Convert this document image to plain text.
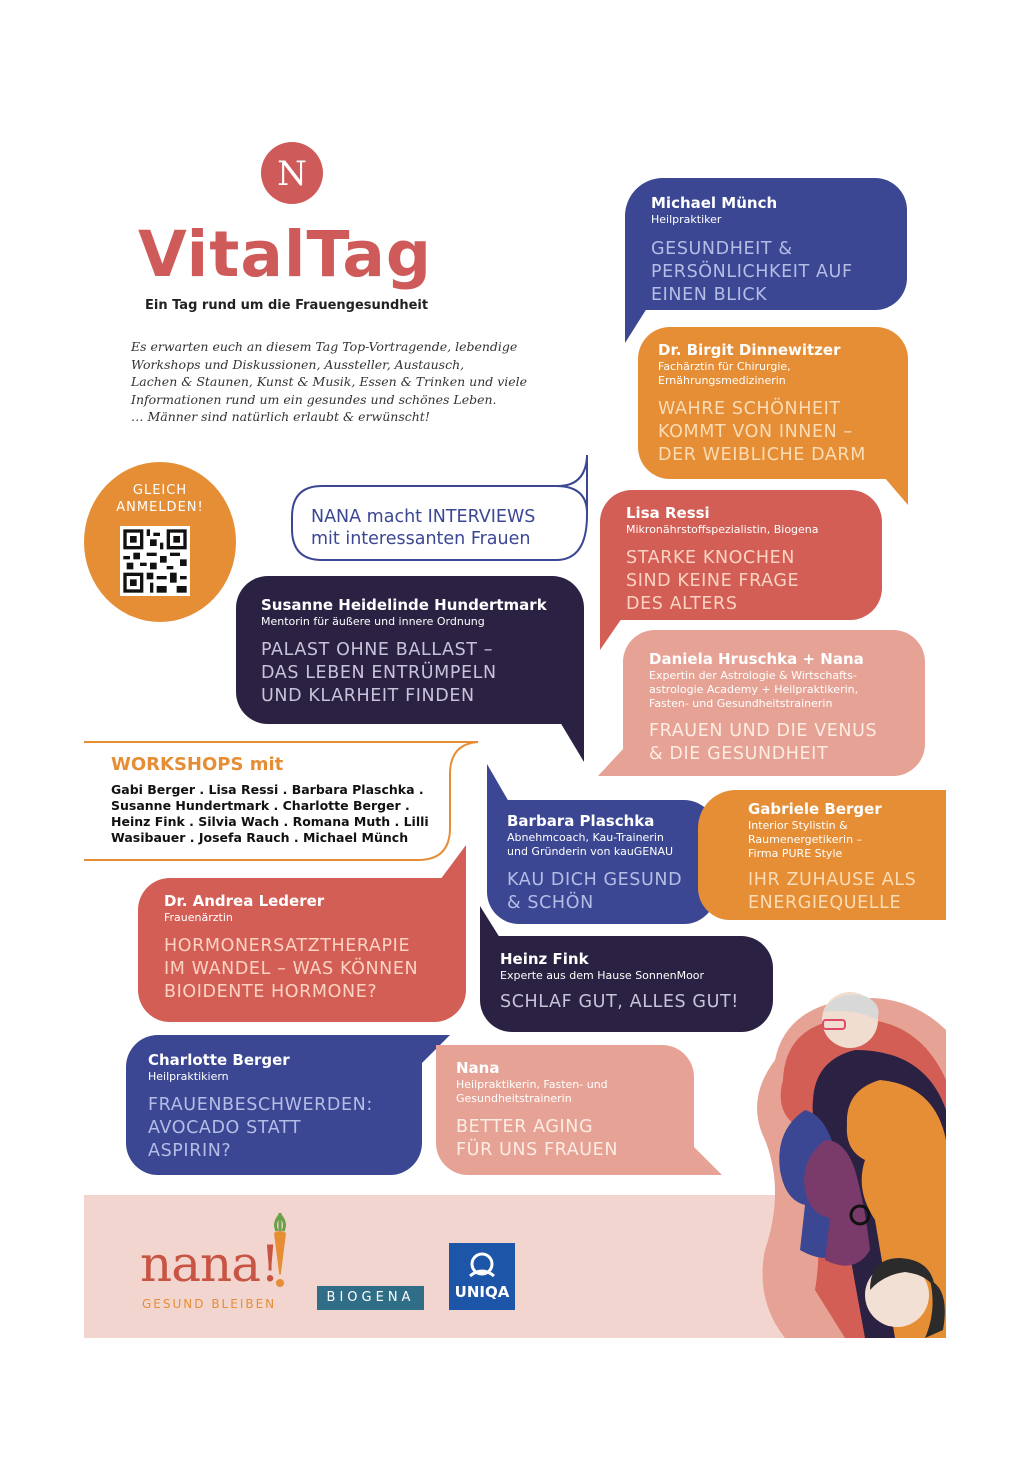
N
VitalTag
Ein Tag rund um die Frauengesundheit
Es erwarten euch an diesem Tag Top-Vortragende, lebendige
Workshops und Diskussionen, Aussteller, Austausch,
Lachen & Staunen, Kunst & Musik, Essen & Trinken und viele
Informationen rund um ein gesundes und schönes Leben.
… Männer sind natürlich erlaubt & erwünscht!
GLEICH
ANMELDEN!	NANA macht INTERVIEWS
mit interessanten Frauen
Michael Münch
Heilpraktiker
GESUNDHEIT &
PERSÖNLICHKEIT AUF
EINEN BLICK
Dr. Birgit Dinnewitzer
Fachärztin für Chirurgie,
Ernährungsmedizinerin
WAHRE SCHÖNHEIT
KOMMT VON INNEN –
DER WEIBLICHE DARM
Lisa Ressi
Mikronährstoffspezialistin, Biogena
STARKE KNOCHEN
SIND KEINE FRAGE
DES ALTERS
Daniela Hruschka + Nana
Expertin der Astrologie & Wirtschafts-
astrologie Academy + Heilpraktikerin,
Fasten- und Gesundheitstrainerin
FRAUEN UND DIE VENUS
& DIE GESUNDHEIT
Susanne Heidelinde Hundertmark
Mentorin für äußere und innere Ordnung
PALAST OHNE BALLAST –
DAS LEBEN ENTRÜMPELN
UND KLARHEIT FINDEN
WORKSHOPS mit
Gabi Berger . Lisa Ressi . Barbara Plaschka .
Susanne Hundertmark . Charlotte Berger .
Heinz Fink . Silvia Wach . Romana Muth . Lilli
Wasibauer . Josefa Rauch . Michael Münch
Barbara Plaschka
Abnehmcoach, Kau-Trainerin
und Gründerin von kauGENAU
KAU DICH GESUND
& SCHÖN
Gabriele Berger
Interior Stylistin &
Raumenergetikerin –
Firma PURE Style
IHR ZUHAUSE ALS
ENERGIEQUELLE
Dr. Andrea Lederer
Frauenärztin
HORMONERSATZTHERAPIE
IM WANDEL – WAS KÖNNEN
BIOIDENTE HORMONE?
Heinz Fink
Experte aus dem Hause SonnenMoor
SCHLAF GUT, ALLES GUT!
Charlotte Berger
Heilpraktikiern
FRAUENBESCHWERDEN:
AVOCADO STATT
ASPIRIN?
Nana
Heilpraktikerin, Fasten- und
Gesundheitstrainerin
BETTER AGING
FÜR UNS FRAUEN
nana!
GESUND BLEIBEN	BIOGENA	UNIQA
